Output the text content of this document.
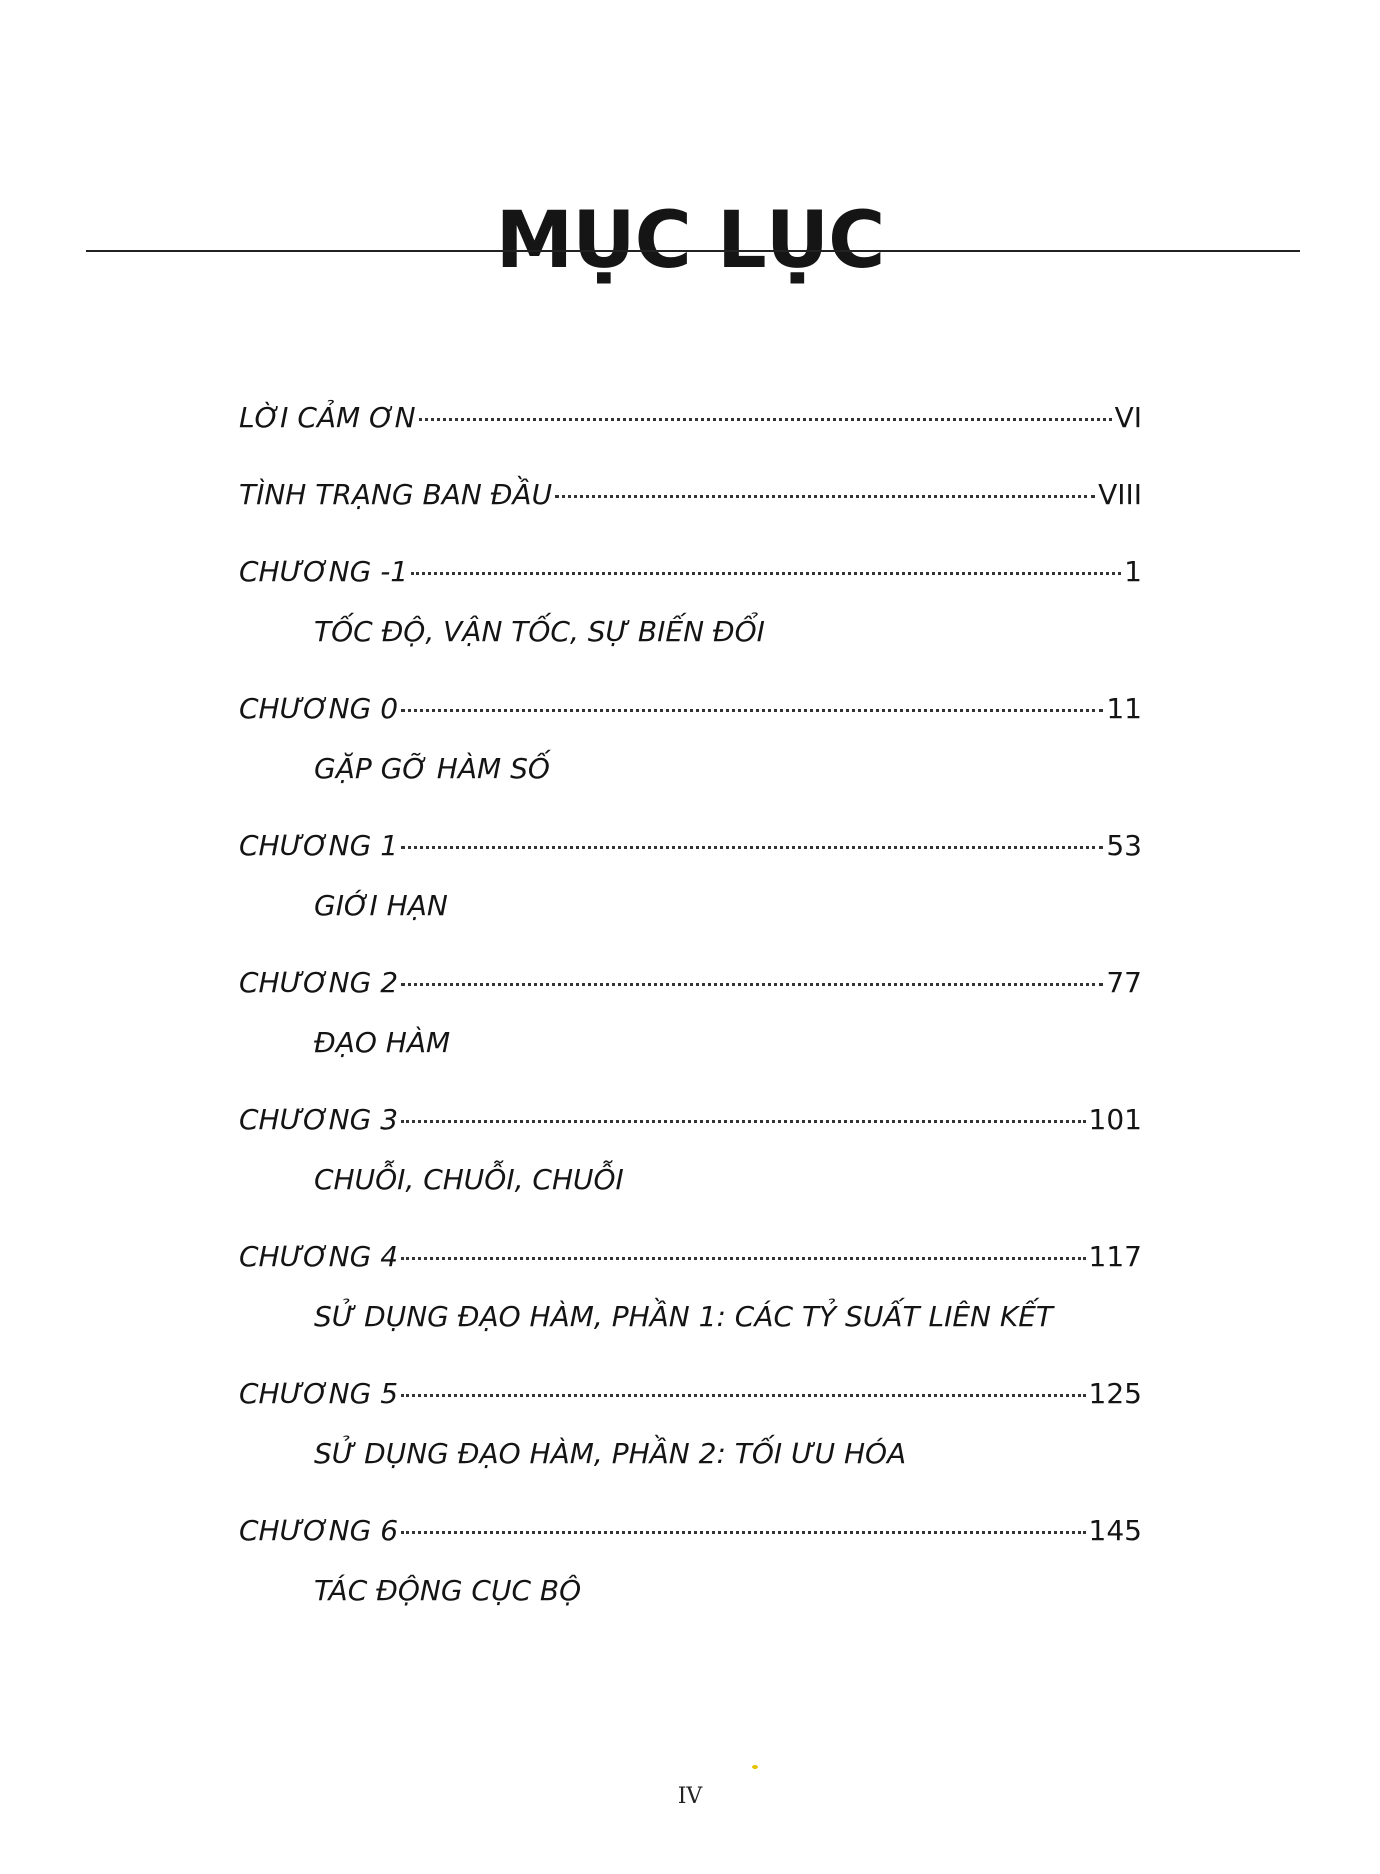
MỤC LỤC
LỜI CẢM ƠN	VI
TÌNH TRẠNG BAN ĐẦU	VIII
CHƯƠNG -1	1
TỐC ĐỘ, VẬN TỐC, SỰ BIẾN ĐỔI
CHƯƠNG 0	11
GẶP GỠ HÀM SỐ
CHƯƠNG 1	53
GIỚI HẠN
CHƯƠNG 2	77
ĐẠO HÀM
CHƯƠNG 3	101
CHUỖI, CHUỖI, CHUỖI
CHƯƠNG 4	117
SỬ DỤNG ĐẠO HÀM, PHẦN 1: CÁC TỶ SUẤT LIÊN KẾT
CHƯƠNG 5	125
SỬ DỤNG ĐẠO HÀM, PHẦN 2: TỐI ƯU HÓA
CHƯƠNG 6	145
TÁC ĐỘNG CỤC BỘ
IV
